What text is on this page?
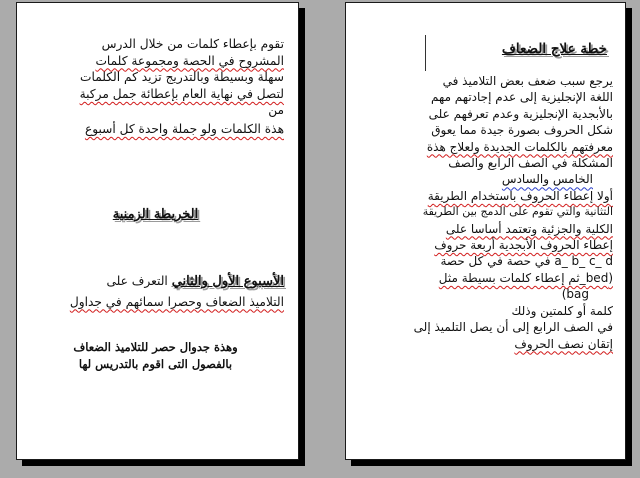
تقوم بإعطاء كلمات من خلال الدرس
المشروح في الحصة ومجموعة كلمات
سهلة وبسيطة وبالتدريج تزيد كم الكلمات
لتصل في نهاية العام بإعطائة جمل مركبة
من
هذة الكلمات ولو جملة واحدة كل أسبوع
الخريطة الزمنية
الأسبوع الأول والثاني التعرف على
التلاميذ الضعاف وحصرا سمائهم في جداول
وهذة جدوال حصر للتلاميذ الضعاف
بالفصول التى اقوم بالتدريس لها
خطة علاج الضعاف
يرجع سبب ضعف بعض التلاميذ في
اللغة الإنجليزية إلى عدم إجادتهم مهم
بالأبجدية الإنجليزية وعدم تعرفهم على
شكل الحروف بصورة جيدة مما يعوق
معرفتهم بالكلمات الجديدة ولعلاج هذة
المشكلة في الصف الرابع والصف
الخامس والسادس
أولا إعطاء الحروف باستخدام الطريقة
التثانية والتي تقوم على الدمج بين الطريقة
الكلية والجزئية وتعتمد أساسا على
إعطاء الحروف الأبجدية أربعة حروف
a_ b_ c_ d في حصة في كل حصة
(bed_ثم إعطاء كلمات بسيطة مثل
bag)
كلمة أو كلمتين وذلك
في الصف الرابع إلى أن يصل التلميذ إلى
إتقان نصف الحروف
